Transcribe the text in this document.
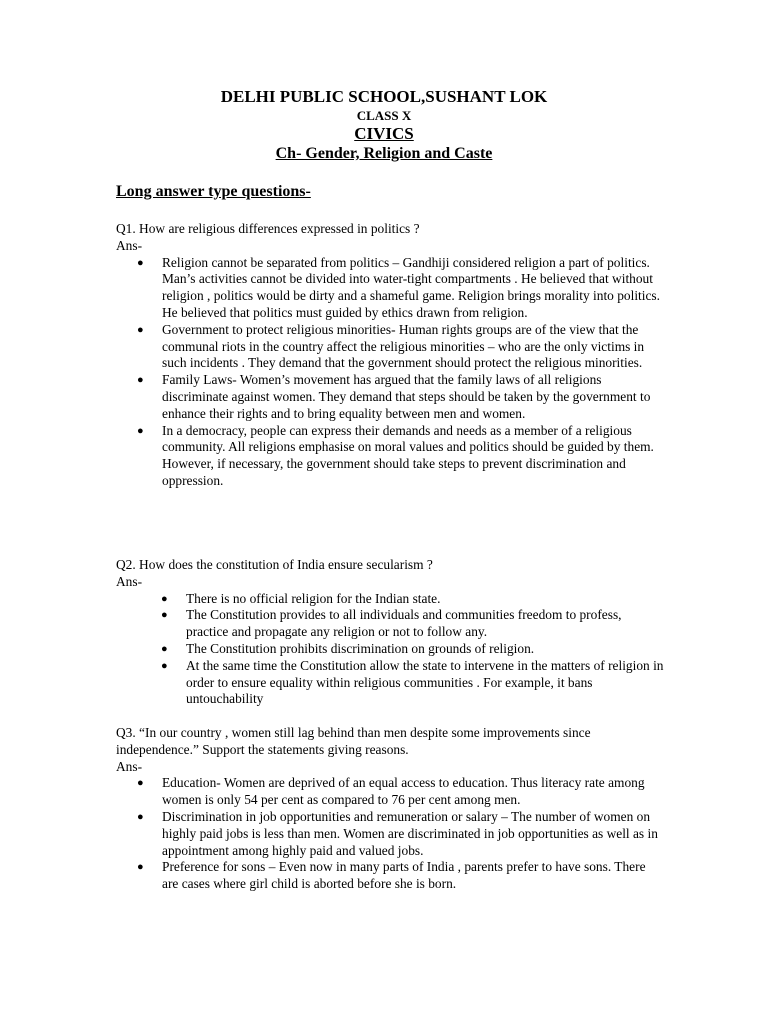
DELHI PUBLIC SCHOOL,SUSHANT LOK
CLASS X
CIVICS
Ch- Gender, Religion and Caste
Long answer type questions-

Q1. How are religious differences expressed in politics ?

Ans-

● Religion cannot be separated from politics – Gandhiji considered religion a part of politics. Man’s activities cannot be divided into water-tight compartments . He believed that without religion , politics would be dirty and a shameful game. Religion brings morality into politics. He believed that politics must guided by ethics drawn from religion.
● Government to protect religious minorities- Human rights groups are of the view that the communal riots in the country affect the religious minorities – who are the only victims in such incidents . They demand that the government should protect the religious minorities.
● Family Laws- Women’s movement has argued that the family laws of all religions discriminate against women. They demand that steps should be taken by the government to enhance their rights and to bring equality between men and women.
● In a democracy, people can express their demands and needs as a member of a religious community. All religions emphasise on moral values and politics should be guided by them. However, if necessary, the government should take steps to prevent discrimination and oppression.

Q2. How does the constitution of India ensure secularism ?

Ans-

● There is no official religion for the Indian state.
● The Constitution provides to all individuals and communities freedom to profess, practice and propagate any religion or not to follow any.
● The Constitution prohibits discrimination on grounds of religion.
● At the same time the Constitution allow the state to intervene in the matters of religion in order to ensure equality within religious communities . For example, it bans untouchability

Q3. “In our country , women still lag behind than men despite some improvements since independence.” Support the statements giving reasons.

Ans-

● Education- Women are deprived of an equal access to education. Thus literacy rate among women is only 54 per cent as compared to 76 per cent among men.
● Discrimination in job opportunities and remuneration or salary – The number of women on highly paid jobs is less than men. Women are discriminated in job opportunities as well as in appointment among highly paid and valued jobs.
● Preference for sons – Even now in many parts of India , parents prefer to have sons. There are cases where girl child is aborted before she is born.
